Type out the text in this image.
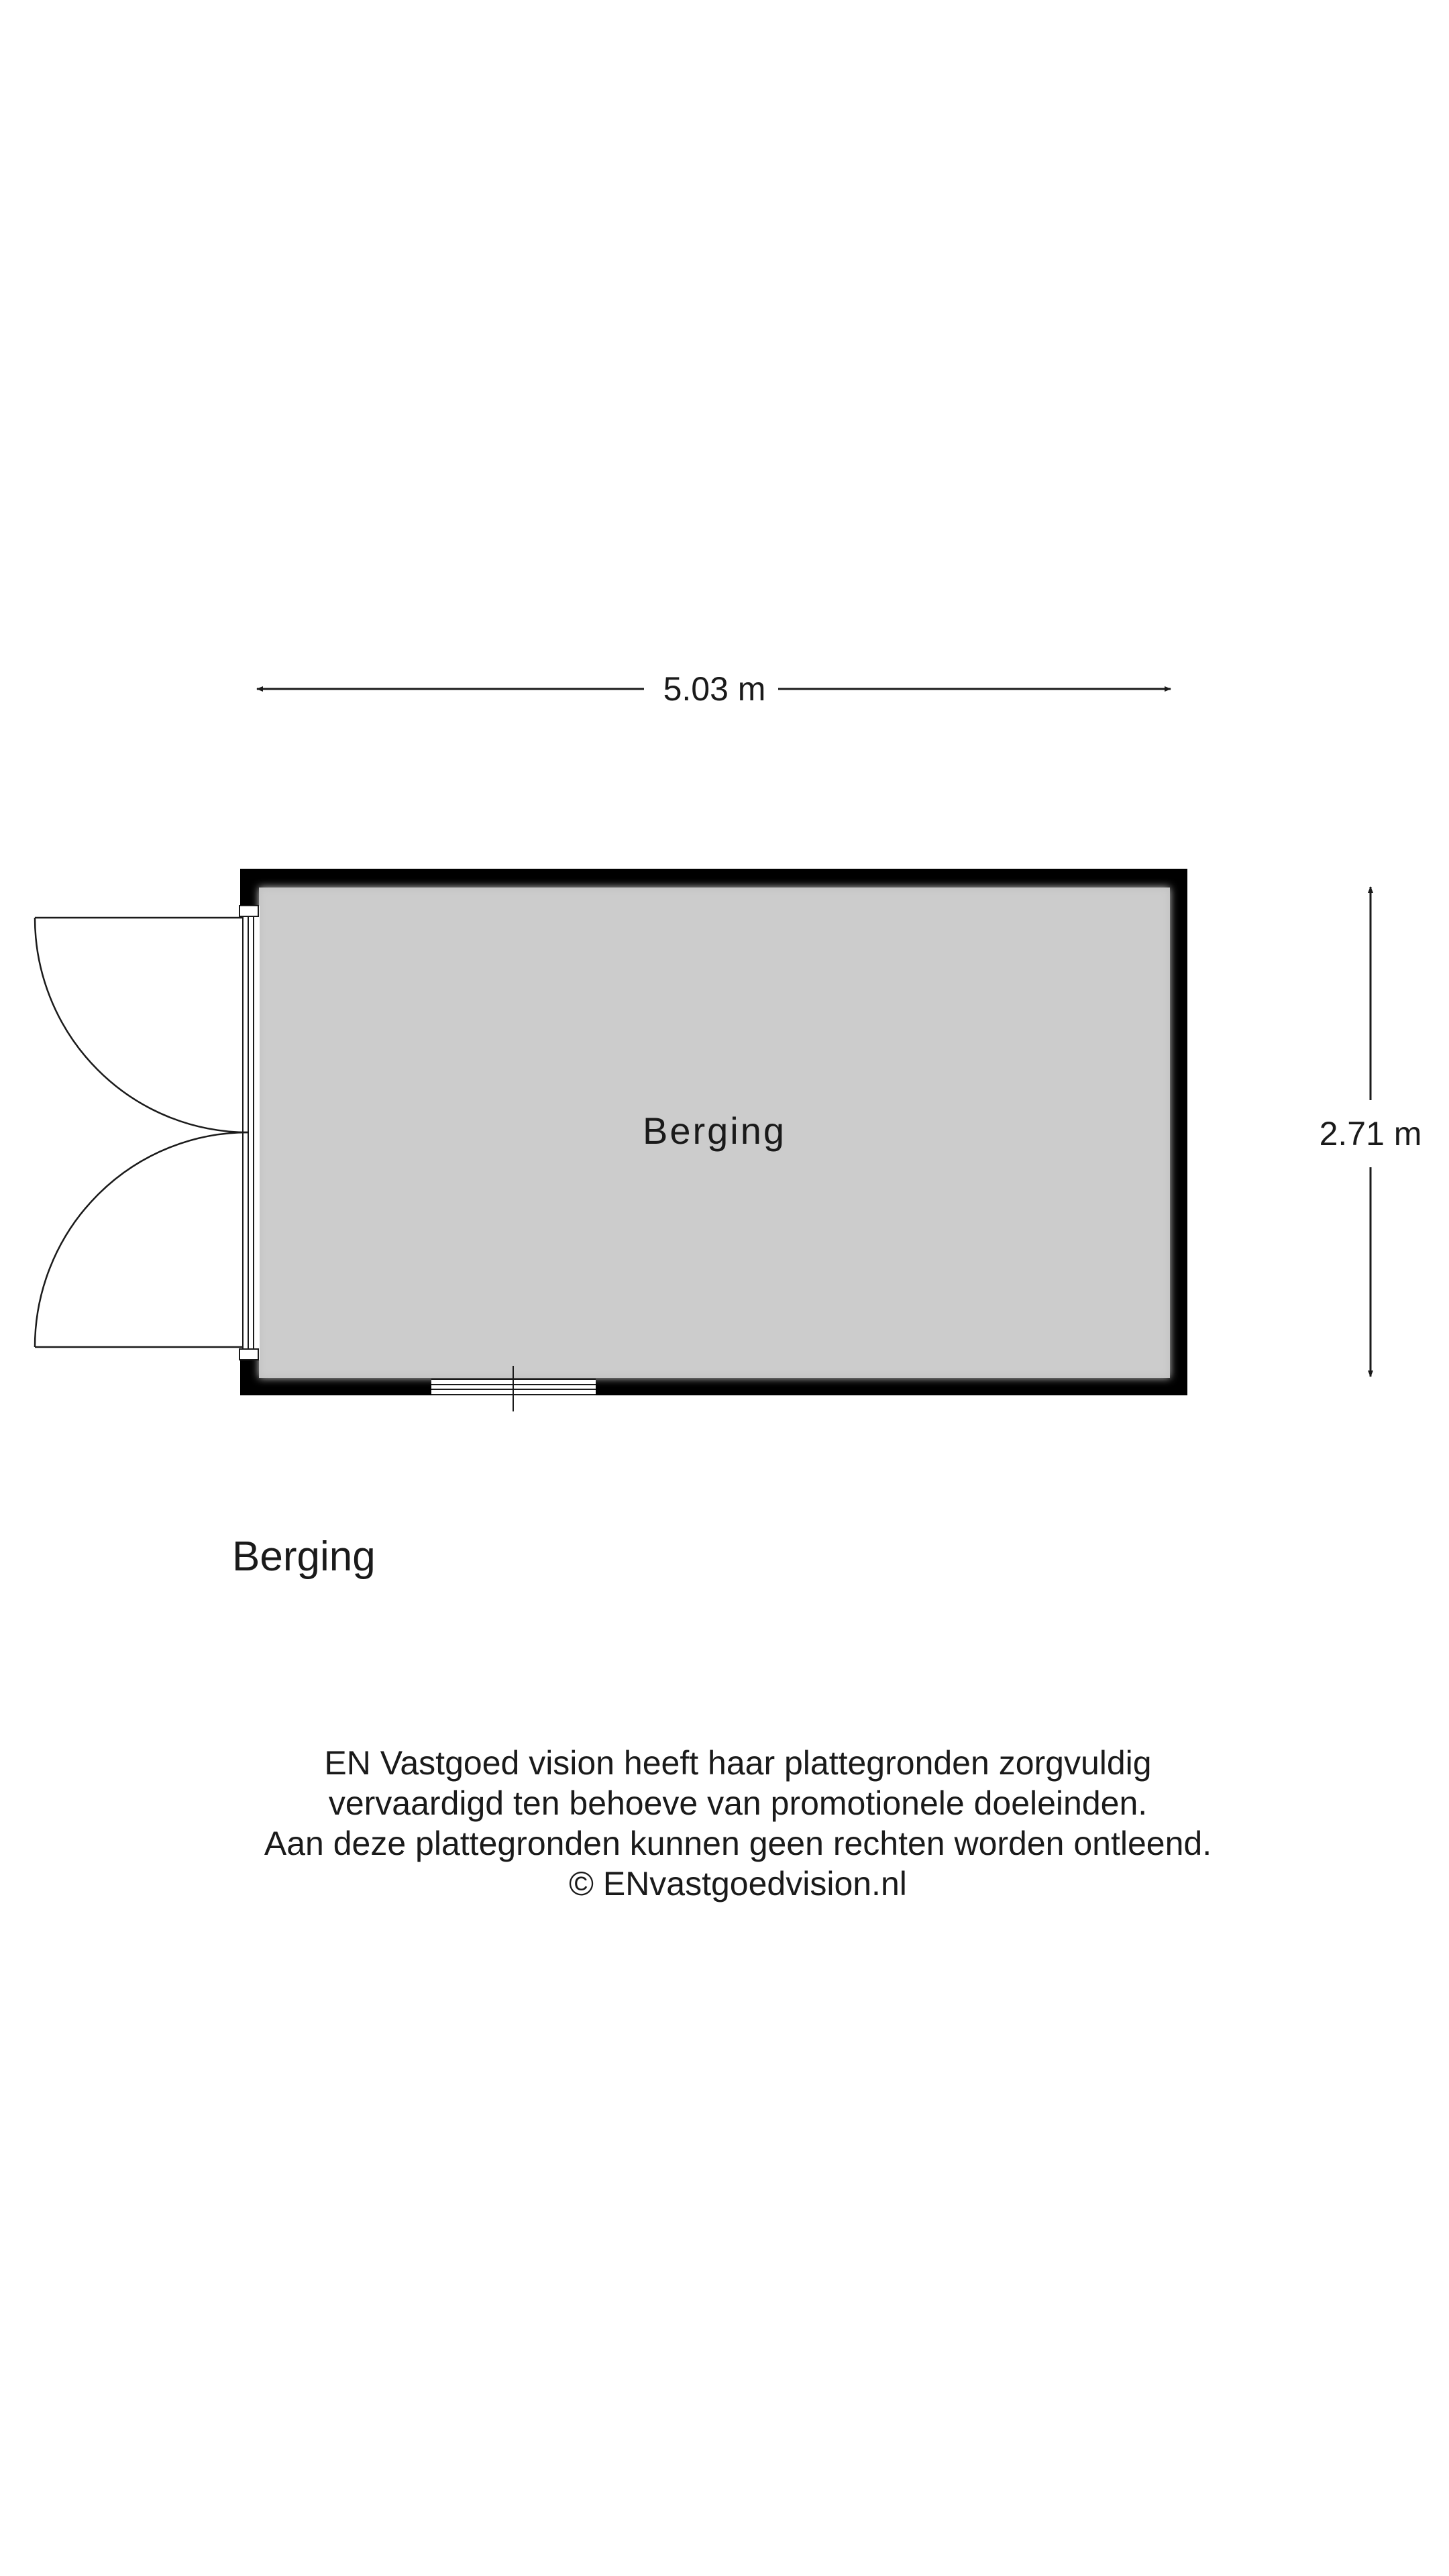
5.03 m
2.71 m
Berging
Berging
EN Vastgoed vision heeft haar plattegronden zorgvuldig
vervaardigd ten behoeve van promotionele doeleinden.
Aan deze plattegronden kunnen geen rechten worden ontleend.
© ENvastgoedvision.nl
